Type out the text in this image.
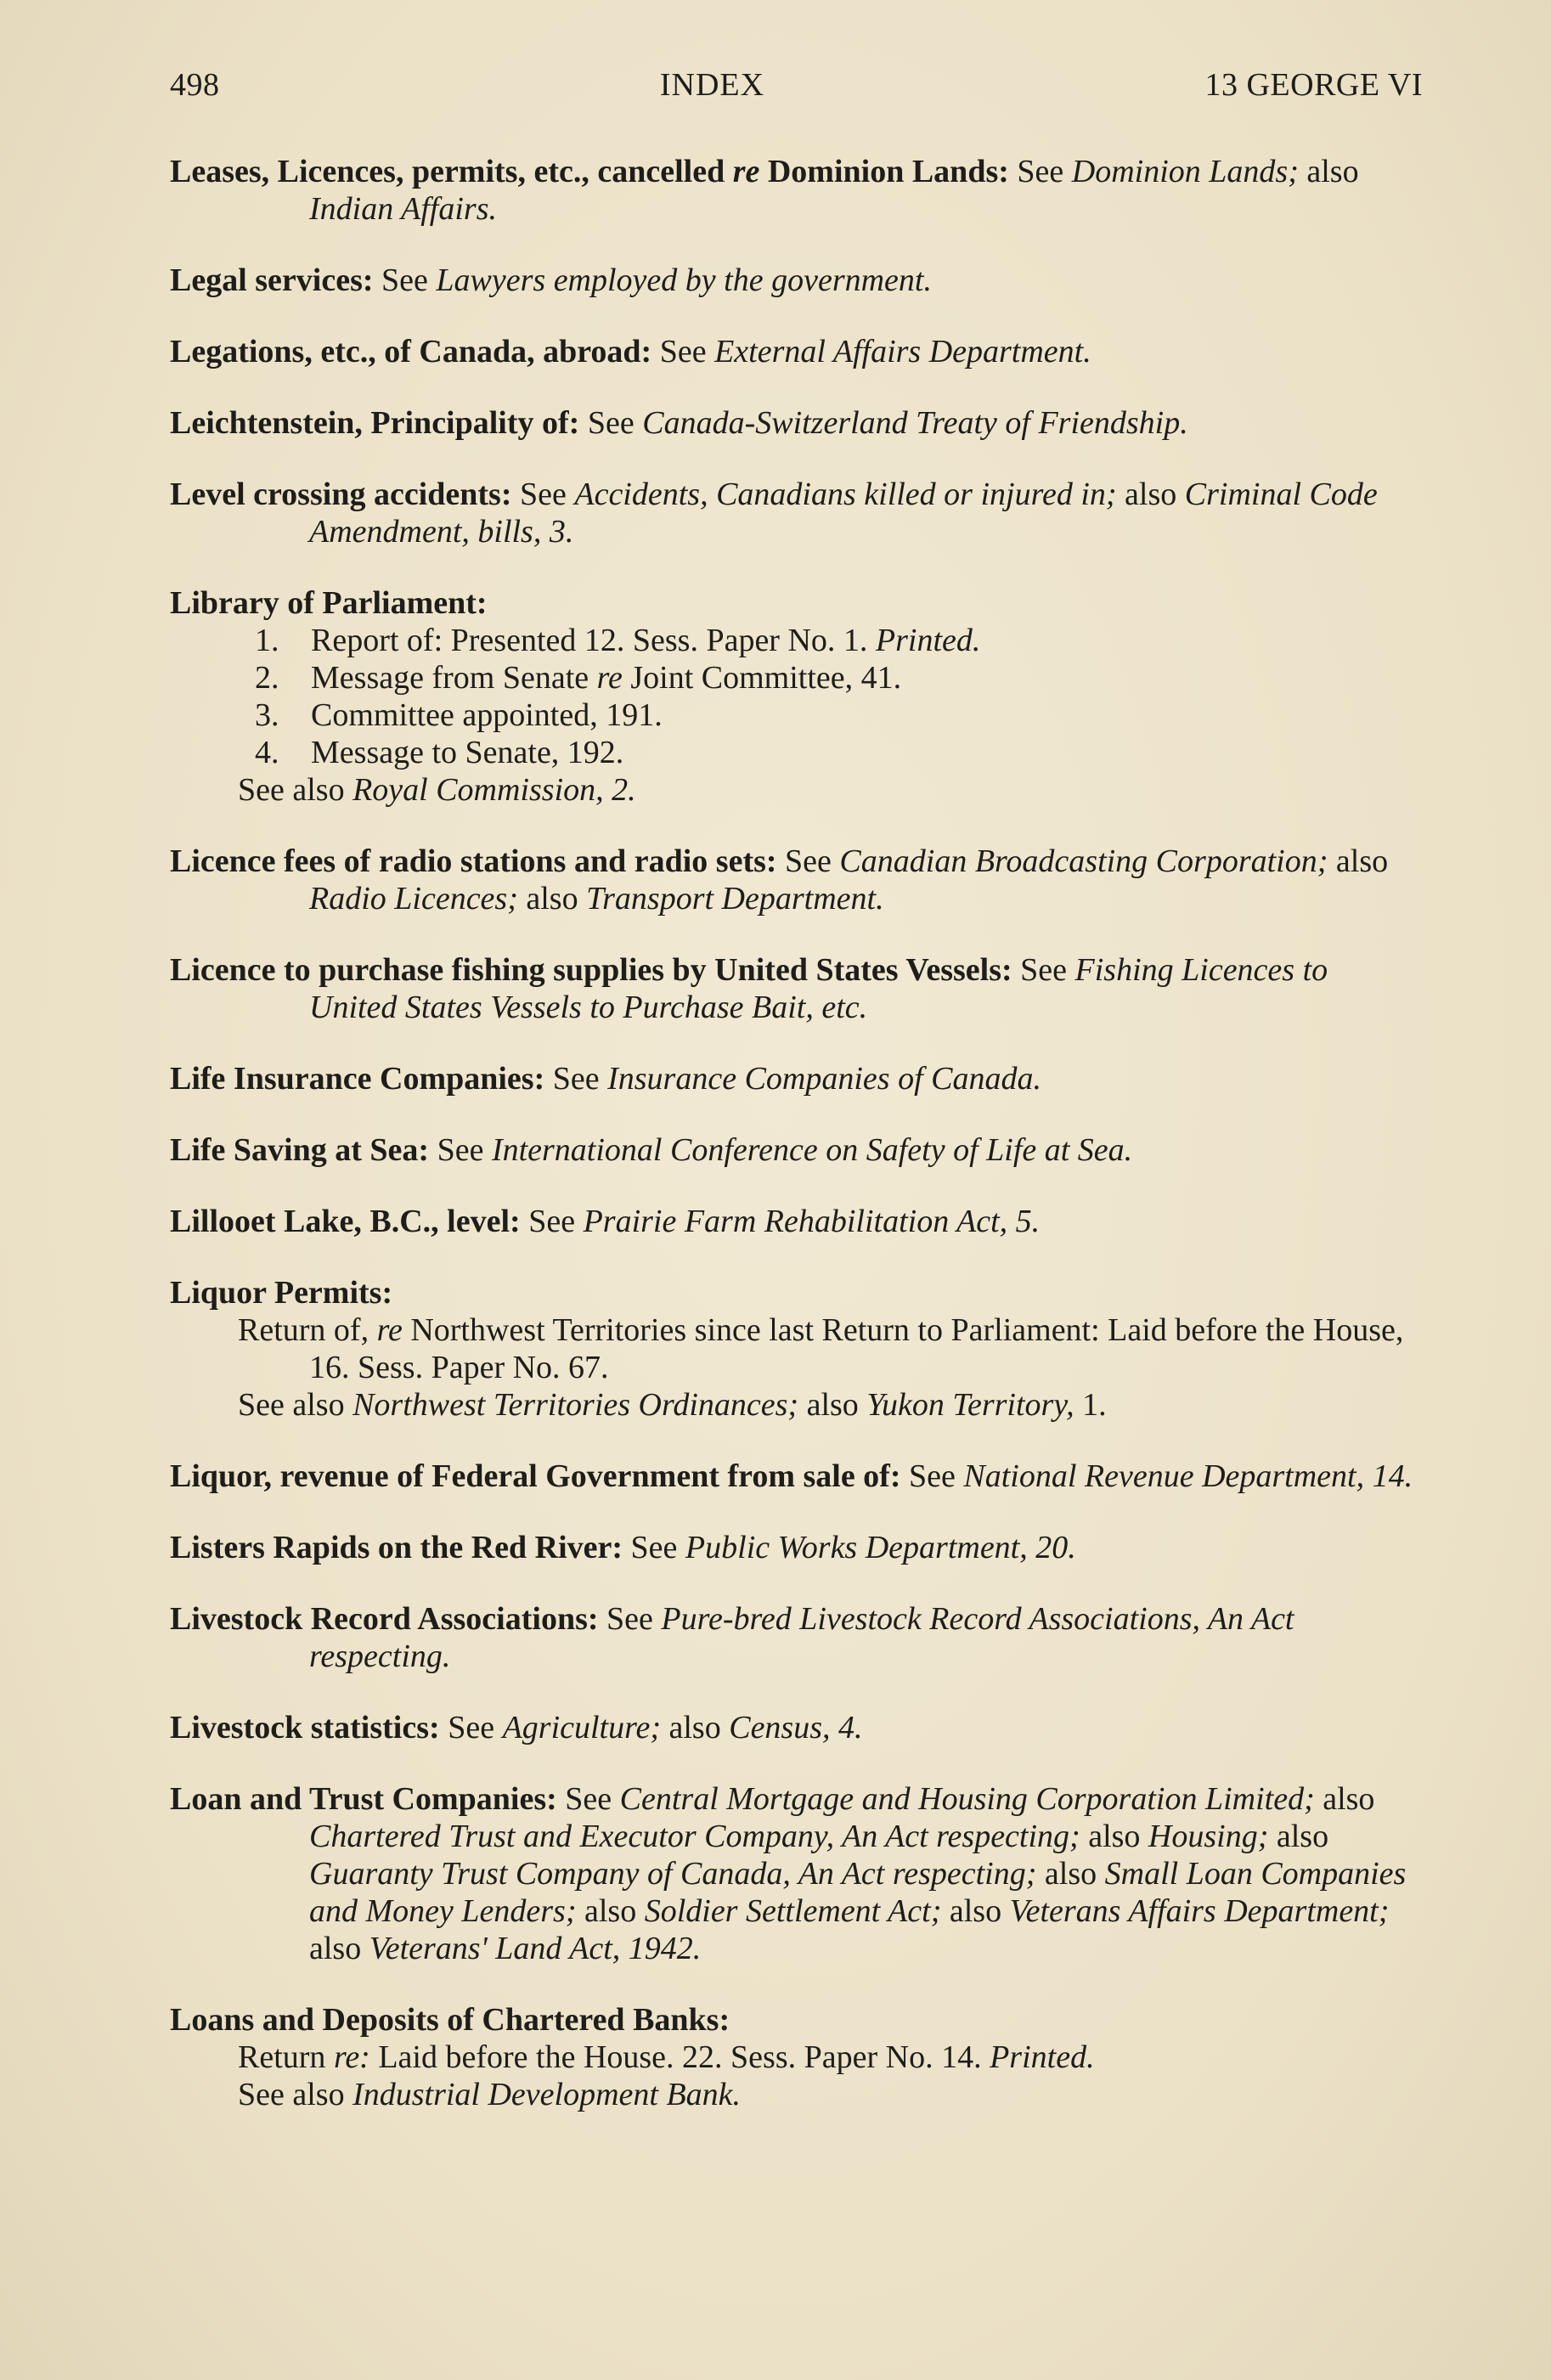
498	INDEX	13 GEORGE VI

Leases, Licences, permits, etc., cancelled re Dominion Lands: See Dominion Lands; also Indian Affairs.

Legal services: See Lawyers employed by the government.

Legations, etc., of Canada, abroad: See External Affairs Department.

Leichtenstein, Principality of: See Canada-Switzerland Treaty of Friendship.

Level crossing accidents: See Accidents, Canadians killed or injured in; also Criminal Code Amendment, bills, 3.

Library of Parliament:
1. Report of: Presented 12. Sess. Paper No. 1. Printed.
2. Message from Senate re Joint Committee, 41.
3. Committee appointed, 191.
4. Message to Senate, 192.
See also Royal Commission, 2.

Licence fees of radio stations and radio sets: See Canadian Broadcasting Corporation; also Radio Licences; also Transport Department.

Licence to purchase fishing supplies by United States Vessels: See Fishing Licences to United States Vessels to Purchase Bait, etc.

Life Insurance Companies: See Insurance Companies of Canada.

Life Saving at Sea: See International Conference on Safety of Life at Sea.

Lillooet Lake, B.C., level: See Prairie Farm Rehabilitation Act, 5.

Liquor Permits:
Return of, re Northwest Territories since last Return to Parliament: Laid before the House, 16. Sess. Paper No. 67.
See also Northwest Territories Ordinances; also Yukon Territory, 1.

Liquor, revenue of Federal Government from sale of: See National Revenue Department, 14.

Listers Rapids on the Red River: See Public Works Department, 20.

Livestock Record Associations: See Pure-bred Livestock Record Associations, An Act respecting.

Livestock statistics: See Agriculture; also Census, 4.

Loan and Trust Companies: See Central Mortgage and Housing Corporation Limited; also Chartered Trust and Executor Company, An Act respecting; also Housing; also Guaranty Trust Company of Canada, An Act respecting; also Small Loan Companies and Money Lenders; also Soldier Settlement Act; also Veterans Affairs Department; also Veterans' Land Act, 1942.

Loans and Deposits of Chartered Banks:
Return re: Laid before the House. 22. Sess. Paper No. 14. Printed.
See also Industrial Development Bank.
